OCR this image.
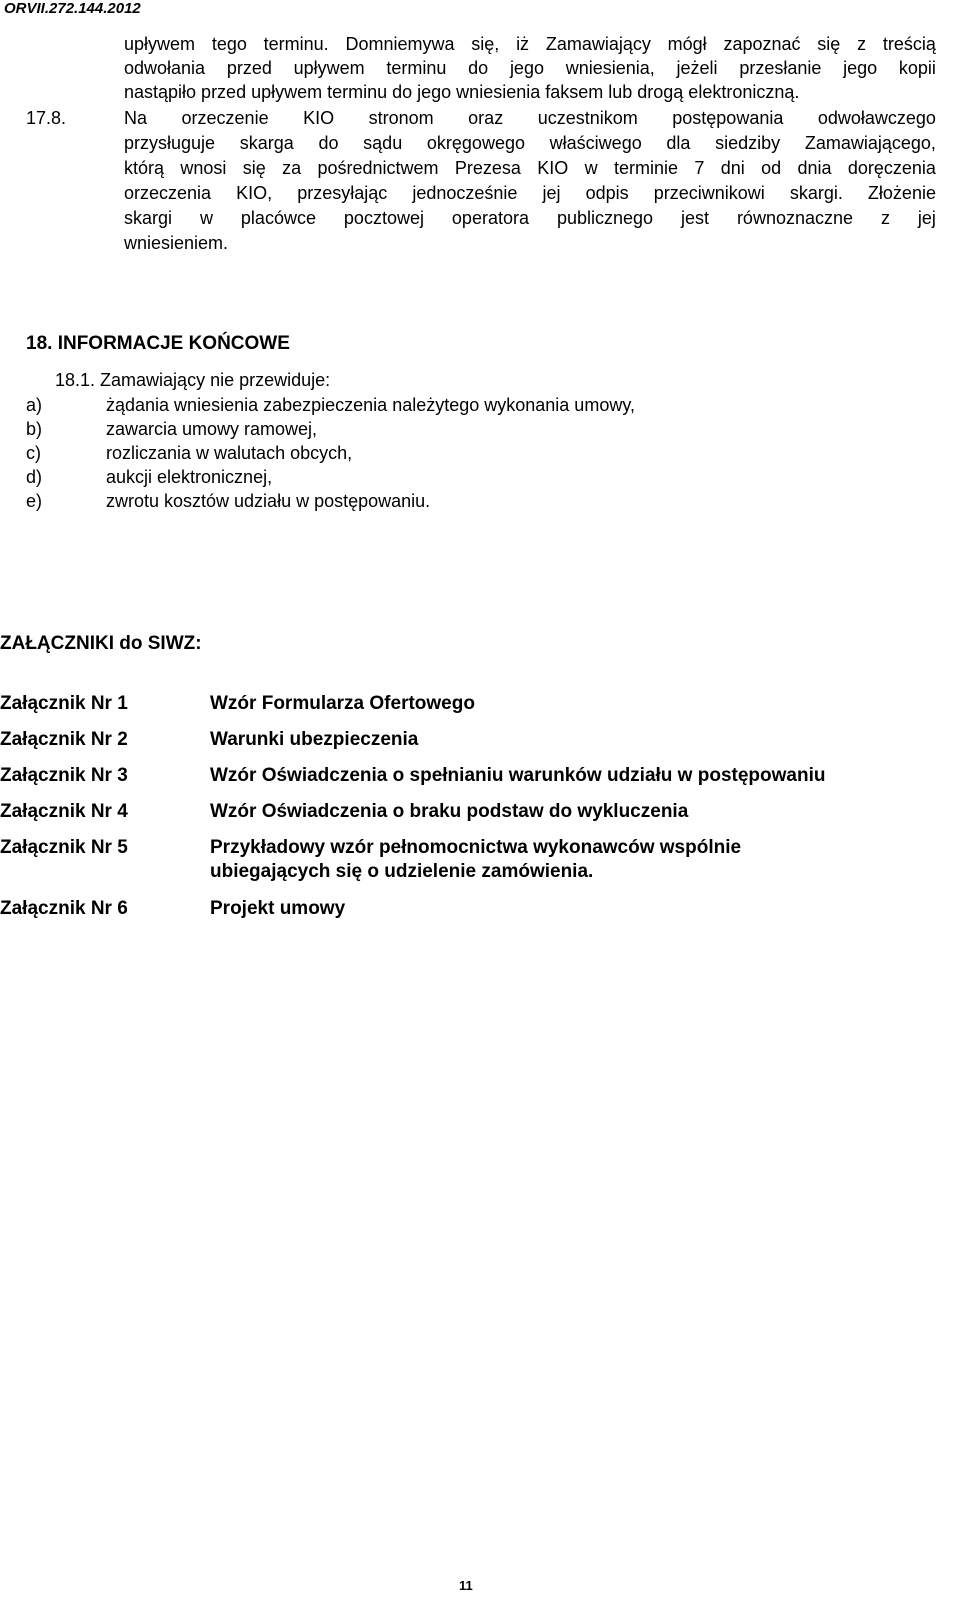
ORVII.272.144.2012
upływem tego terminu. Domniemywa się, iż Zamawiający mógł zapoznać się z treścią
odwołania przed upływem terminu do jego wniesienia, jeżeli przesłanie jego kopii
nastąpiło przed upływem terminu do jego wniesienia faksem lub drogą elektroniczną.
17.8.	Na orzeczenie KIO stronom oraz uczestnikom postępowania odwoławczego
przysługuje skarga do sądu okręgowego właściwego dla siedziby Zamawiającego,
którą wnosi się za pośrednictwem Prezesa KIO w terminie 7 dni od dnia doręczenia
orzeczenia KIO, przesyłając jednocześnie jej odpis przeciwnikowi skargi. Złożenie
skargi w placówce pocztowej operatora publicznego jest równoznaczne z jej
wniesieniem.
18. INFORMACJE KOŃCOWE
18.1. Zamawiający nie przewiduje:
a)	żądania wniesienia zabezpieczenia należytego wykonania umowy,
b)	zawarcia umowy ramowej,
c)	rozliczania w walutach obcych,
d)	aukcji elektronicznej,
e)	zwrotu kosztów udziału w postępowaniu.
ZAŁĄCZNIKI do SIWZ:
Załącznik Nr 1	Wzór Formularza Ofertowego
Załącznik Nr 2	Warunki ubezpieczenia
Załącznik Nr 3	Wzór Oświadczenia o spełnianiu warunków udziału w postępowaniu
Załącznik Nr 4	Wzór Oświadczenia o braku podstaw do wykluczenia
Załącznik Nr 5	Przykładowy wzór pełnomocnictwa wykonawców wspólnie
ubiegających się o udzielenie zamówienia.
Załącznik Nr 6	Projekt umowy
11
